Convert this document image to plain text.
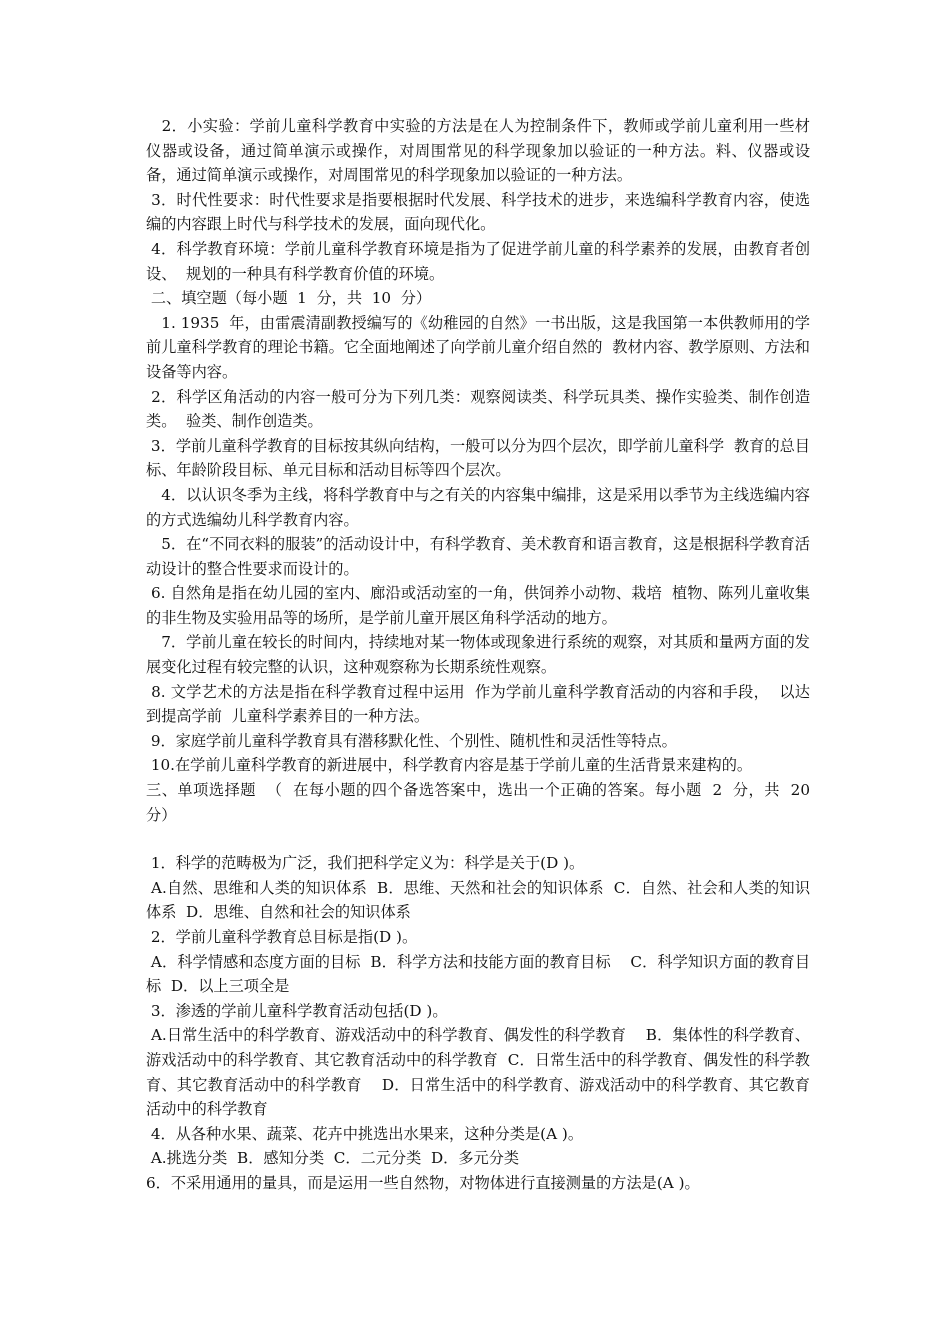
　2．小实验：学前儿童科学教育中实验的方法是在人为控制条件下，教师或学前儿童利用一些材  仪器或设备，通过简单演示或操作，对周围常见的科学现象加以验证的一种方法。料、仪器或设备，通过简单演示或操作，对周围常见的科学现象加以验证的一种方法。

3．时代性要求：时代性要求是指要根据时代发展、科学技术的进步，来选编科学教育内容，使选编的内容跟上时代与科学技术的发展，面向现代化。

4．科学教育环境：学前儿童科学教育环境是指为了促进学前儿童的科学素养的发展，由教育者创设、  规划的一种具有科学教育价值的环境。

二、填空题（每小题  1  分，共  10  分）

　1. 1935  年，由雷震清副教授编写的《幼稚园的自然》一书出版，这是我国第一本供教师用的学前儿童科学教育的理论书籍。它全面地阐述了向学前儿童介绍自然的  教材内容、教学原则、方法和设备等内容。

2．科学区角活动的内容一般可分为下列几类：观察阅读类、科学玩具类、操作实验类、制作创造类。  验类、制作创造类。

3．学前儿童科学教育的目标按其纵向结构，一般可以分为四个层次，即学前儿童科学  教育的总目标、年龄阶段目标、单元目标和活动目标等四个层次。

　4．以认识冬季为主线，将科学教育中与之有关的内容集中编排，这是采用以季节为主线选编内容的方式选编幼儿科学教育内容。

　5．在“不同衣料的服装”的活动设计中，有科学教育、美术教育和语言教育，这是根据科学教育活动设计的整合性要求而设计的。

6. 自然角是指在幼儿园的室内、廊沿或活动室的一角，供饲养小动物、栽培  植物、陈列儿童收集的非生物及实验用品等的场所，是学前儿童开展区角科学活动的地方。

　7．学前儿童在较长的时间内，持续地对某一物体或现象进行系统的观察，对其质和量两方面的发展变化过程有较完整的认识，这种观察称为长期系统性观察。

8. 文学艺术的方法是指在科学教育过程中运用  作为学前儿童科学教育活动的内容和手段，  以达到提高学前  儿童科学素养目的一种方法。

9．家庭学前儿童科学教育具有潜移默化性、个别性、随机性和灵活性等特点。

10.在学前儿童科学教育的新进展中，科学教育内容是基于学前儿童的生活背景来建构的。

三、单项选择题  （  在每小题的四个备选答案中，选出一个正确的答案。每小题  2  分，共  20 分）

1．科学的范畴极为广泛，我们把科学定义为：科学是关于(D )。

A.自然、思维和人类的知识体系  B．思维、天然和社会的知识体系  C．自然、社会和人类的知识体系  D．思维、自然和社会的知识体系

2．学前儿童科学教育总目标是指(D )。

A．科学情感和态度方面的目标  B．科学方法和技能方面的教育目标    C．科学知识方面的教育目标  D．以上三项全是

3．渗透的学前儿童科学教育活动包括(D )。

A.日常生活中的科学教育、游戏活动中的科学教育、偶发性的科学教育    B．集体性的科学教育、游戏活动中的科学教育、其它教育活动中的科学教育  C．日常生活中的科学教育、偶发性的科学教育、其它教育活动中的科学教育    D．日常生活中的科学教育、游戏活动中的科学教育、其它教育活动中的科学教育

4．从各种水果、蔬菜、花卉中挑选出水果来，这种分类是(A )。

A.挑选分类  B．感知分类  C．二元分类  D．多元分类

6．不采用通用的量具，而是运用一些自然物，对物体进行直接测量的方法是(A )。
